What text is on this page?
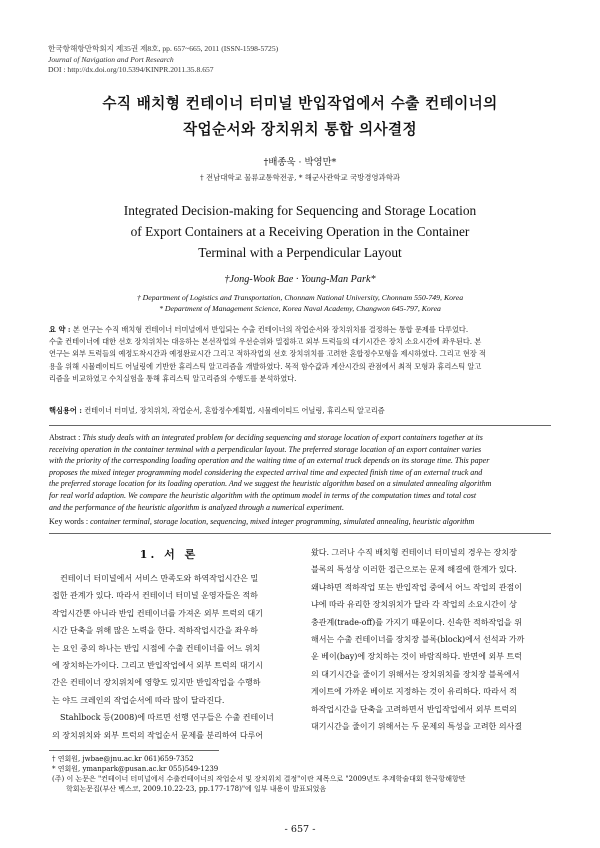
한국항해항만학회지 제35권 제8호, pp. 657~665, 2011 (ISSN-1598-5725)
Journal of Navigation and Port Research
DOI : http://dx.doi.org/10.5394/KINPR.2011.35.8.657
수직 배치형 컨테이너 터미널 반입작업에서 수출 컨테이너의
작업순서와 장치위치 통합 의사결정
†배종욱 · 박영만*
† 전남대학교 물류교통학전공, * 해군사관학교 국방경영과학과
Integrated Decision-making for Sequencing and Storage Location
of Export Containers at a Receiving Operation in the Container
Terminal with a Perpendicular Layout
†Jong-Wook Bae · Young-Man Park*
† Department of Logistics and Transportation, Chonnam National University, Chonnam 550-749, Korea
* Department of Management Science, Korea Naval Academy, Changwon 645-797, Korea
요 약 : 본 연구는 수직 배치형 컨테이너 터미널에서 반입되는 수출 컨테이너의 작업순서와 장치위치를 결정하는 통합 문제를 다루었다.
수출 컨테이너에 대한 선호 장치위치는 대응하는 본선작업의 우선순위와 밀접하고 외부 트럭들의 대기시간은 장치 소요시간에 좌우된다. 본
연구는 외부 트럭들의 예정도착시간과 예정완료시간 그리고 적하작업의 선호 장치위치를 고려한 혼합정수모형을 제시하였다. 그리고 현장 적
용을 위해 시뮬레이티드 어닐링에 기반한 휴리스틱 알고리즘을 개발하였다. 목적 함수값과 계산시간의 관점에서 최적 모형과 휴리스틱 알고
리즘을 비교하였고 수치실험을 통해 휴리스틱 알고리즘의 수행도를 분석하였다.
핵심용어 : 컨테이너 터미널, 장치위치, 작업순서, 혼합정수계획법, 시뮬레이티드 어닐링, 휴리스틱 알고리즘
Abstract : This study deals with an integrated problem for deciding sequencing and storage location of export containers together at its
receiving operation in the container terminal with a perpendicular layout. The preferred storage location of an export container varies
with the priority of the corresponding loading operation and the waiting time of an external truck depends on its storage time. This paper
proposes the mixed integer programming model considering the expected arrival time and expected finish time of an external truck and
the preferred storage location for its loading operation. And we suggest the heuristic algorithm based on a simulated annealing algorithm
for real world adaption. We compare the heuristic algorithm with the optimum model in terms of the computation times and total cost
and the performance of the heuristic algorithm is analyzed through a numerical experiment.
Key words : container terminal, storage location, sequencing, mixed integer programming, simulated annealing, heuristic algorithm
1. 서 론
컨테이너 터미널에서 서비스 만족도와 하역작업시간은 밀
접한 관계가 있다. 따라서 컨테이너 터미널 운영자들은 적하
작업시간뿐 아니라 반입 컨테이너를 가져온 외부 트럭의 대기
시간 단축을 위해 많은 노력을 한다. 적하작업시간을 좌우하
는 요인 중의 하나는 반입 시점에 수출 컨테이너를 어느 위치
에 장치하는가이다. 그리고 반입작업에서 외부 트럭의 대기시
간은 컨테이너 장치위치에 영향도 있지만 반입작업을 수행하
는 야드 크레인의 작업순서에 따라 많이 달라진다.
Stahlbock 등(2008)에 따르면 선행 연구들은 수출 컨테이너
의 장치위치와 외부 트럭의 작업순서 문제를 분리하여 다루어
왔다. 그러나 수직 배치형 컨테이너 터미널의 경우는 장치장
블록의 특성상 이러한 접근으로는 문제 해결에 한계가 있다.
왜냐하면 적하작업 또는 반입작업 중에서 어느 작업의 관점이
냐에 따라 유리한 장치위치가 달라 각 작업의 소요시간이 상
충관계(trade-off)를 가지기 때문이다. 신속한 적하작업을 위
해서는 수출 컨테이너를 장치장 블록(block)에서 선석과 가까
운 베이(bay)에 장치하는 것이 바람직하다. 반면에 외부 트럭
의 대기시간을 줄이기 위해서는 장치위치를 장치장 블록에서
게이트에 가까운 베이로 지정하는 것이 유리하다. 따라서 적
하작업시간을 단축을 고려하면서 반입작업에서 외부 트럭의
대기시간을 줄이기 위해서는 두 문제의 특성을 고려한 의사결
† 연회원, jwbae@jnu.ac.kr 061)659-7352
* 연회원, ymanpark@pusan.ac.kr 055)549-1239
(주) 이 논문은 "컨테이너 터미널에서 수출컨테이너의 작업순서 및 장치위치 결정"이란 제목으로 "2009년도 추계학술대회 한국항해항만
학회논문집(부산 벡스코, 2009.10.22-23, pp.177-178)"에 일부 내용이 발표되었음
- 657 -
